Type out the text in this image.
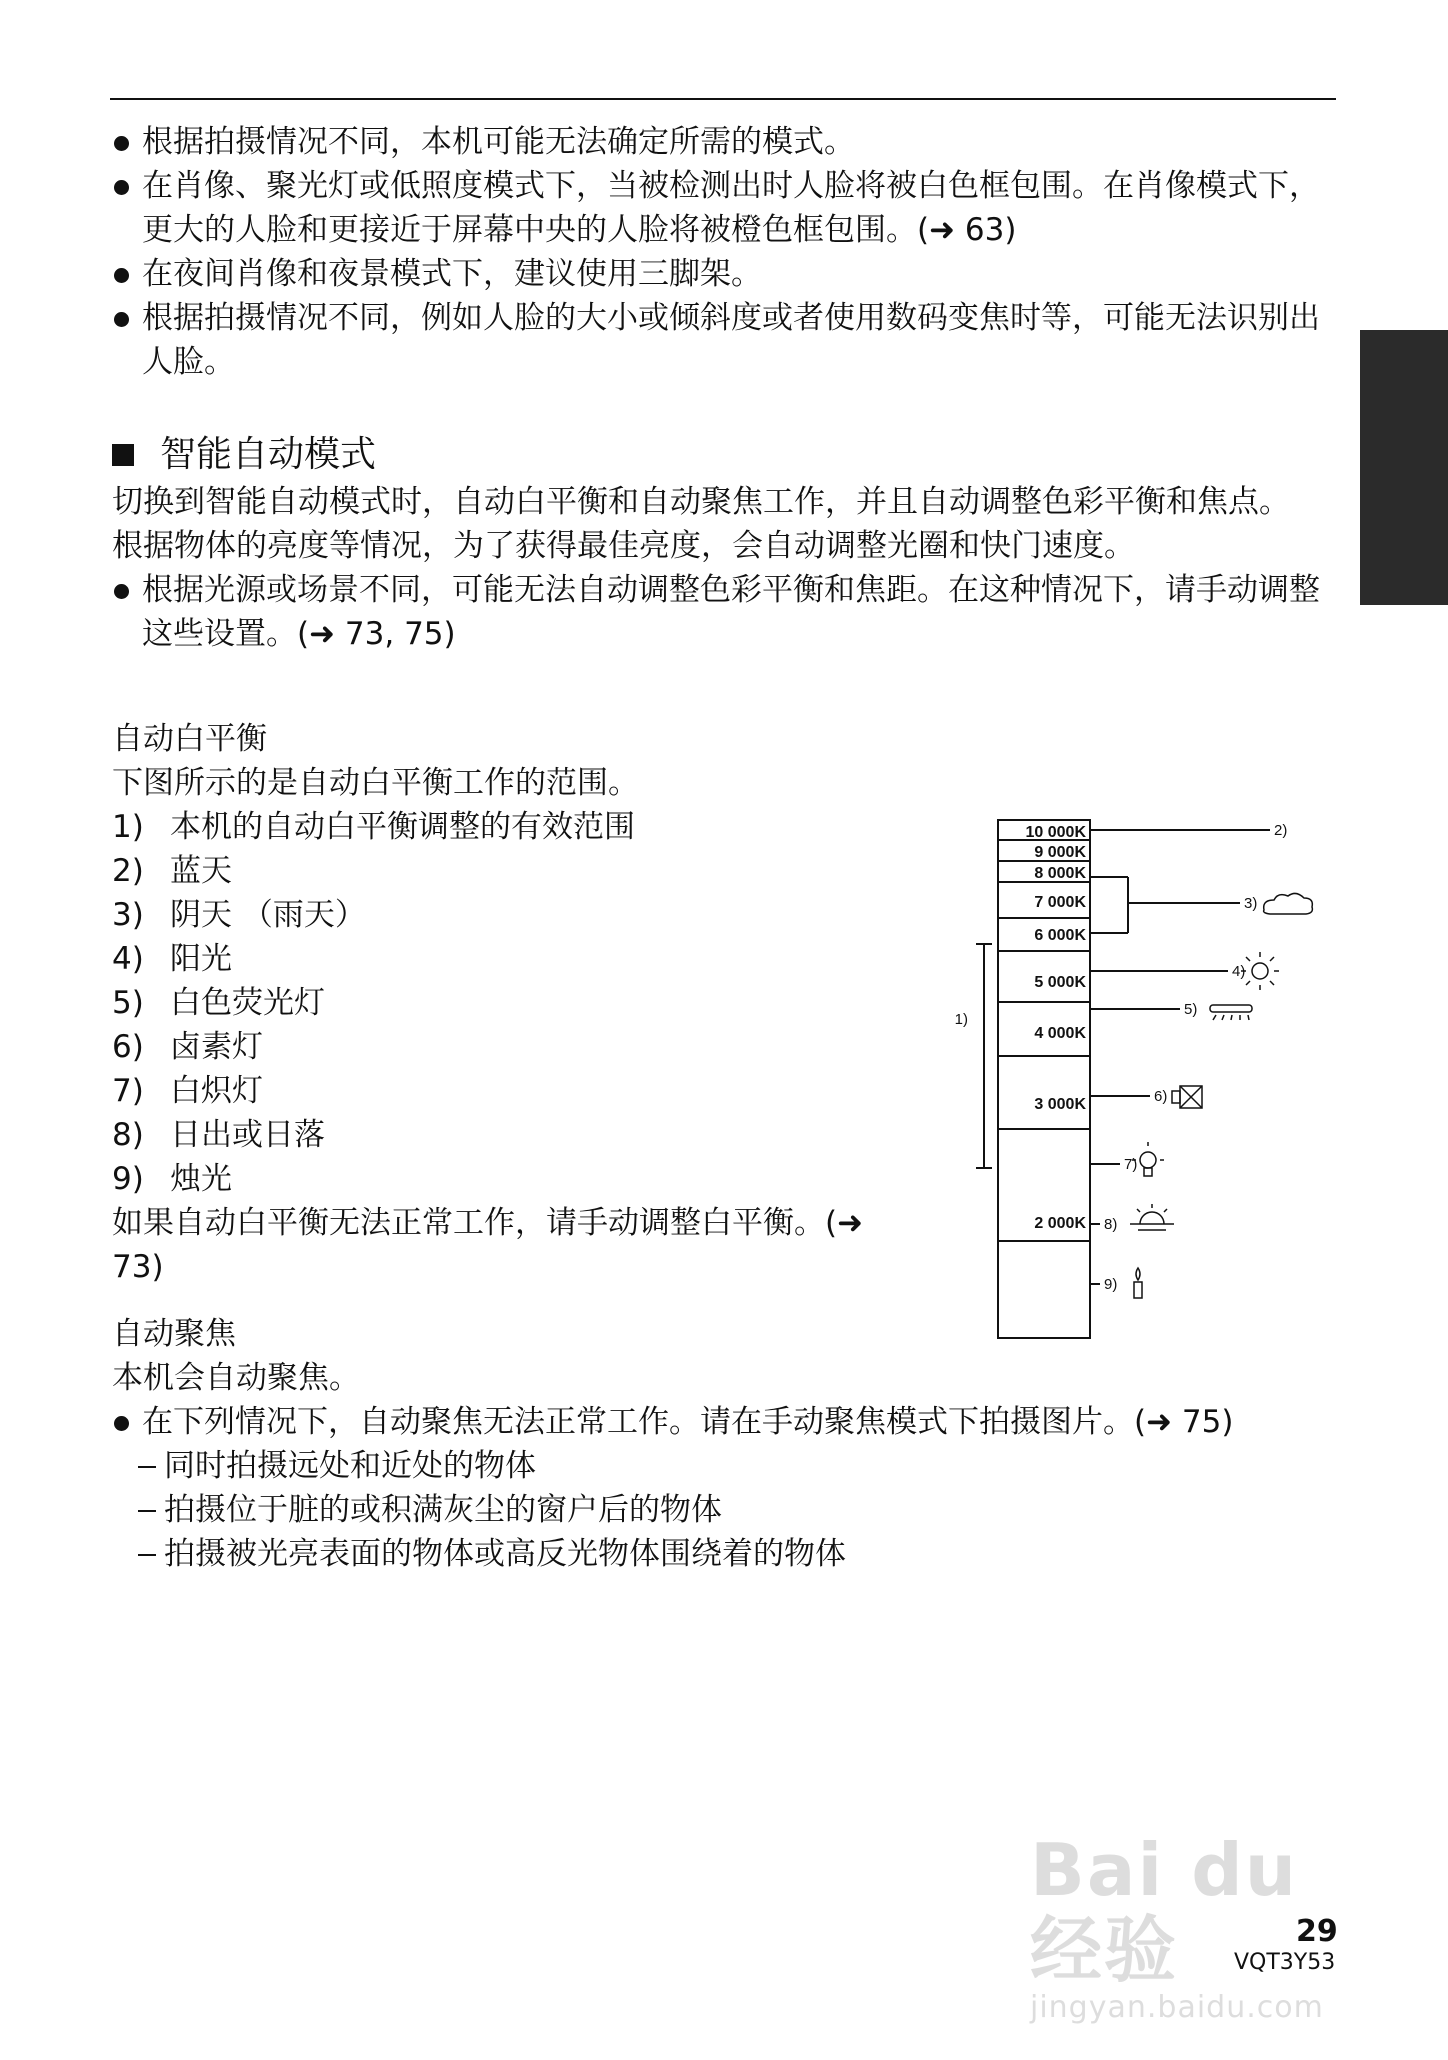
根据拍摄情况不同，本机可能无法确定所需的模式。

在肖像、聚光灯或低照度模式下，当被检测出时人脸将被白色框包围。在肖像模式下，更大的人脸和更接近于屏幕中央的人脸将被橙色框包围。(➜ 63)

在夜间肖像和夜景模式下，建议使用三脚架。

根据拍摄情况不同，例如人脸的大小或倾斜度或者使用数码变焦时等，可能无法识别出人脸。

智能自动模式

切换到智能自动模式时，自动白平衡和自动聚焦工作，并且自动调整色彩平衡和焦点。

根据物体的亮度等情况，为了获得最佳亮度，会自动调整光圈和快门速度。

根据光源或场景不同，可能无法自动调整色彩平衡和焦距。在这种情况下，请手动调整这些设置。(➜ 73, 75)

自动白平衡

下图所示的是自动白平衡工作的范围。

1) 本机的自动白平衡调整的有效范围
2) 蓝天
3) 阴天 （雨天）
4) 阳光
5) 白色荧光灯
6) 卤素灯
7) 白炽灯
8) 日出或日落
9) 烛光

如果自动白平衡无法正常工作，请手动调整白平衡。(➜ 73)

10 000K
9 000K
8 000K
7 000K
6 000K
5 000K
4 000K
3 000K
2 000K
1)
2)
3)
4)
5)
6)
7)
8)
9)

自动聚焦

本机会自动聚焦。

在下列情况下，自动聚焦无法正常工作。请在手动聚焦模式下拍摄图片。(➜ 75)

同时拍摄远处和近处的物体

拍摄位于脏的或积满灰尘的窗户后的物体

拍摄被光亮表面的物体或高反光物体围绕着的物体

Bai du 经验
jingyan.baidu.com
29
VQT3Y53
